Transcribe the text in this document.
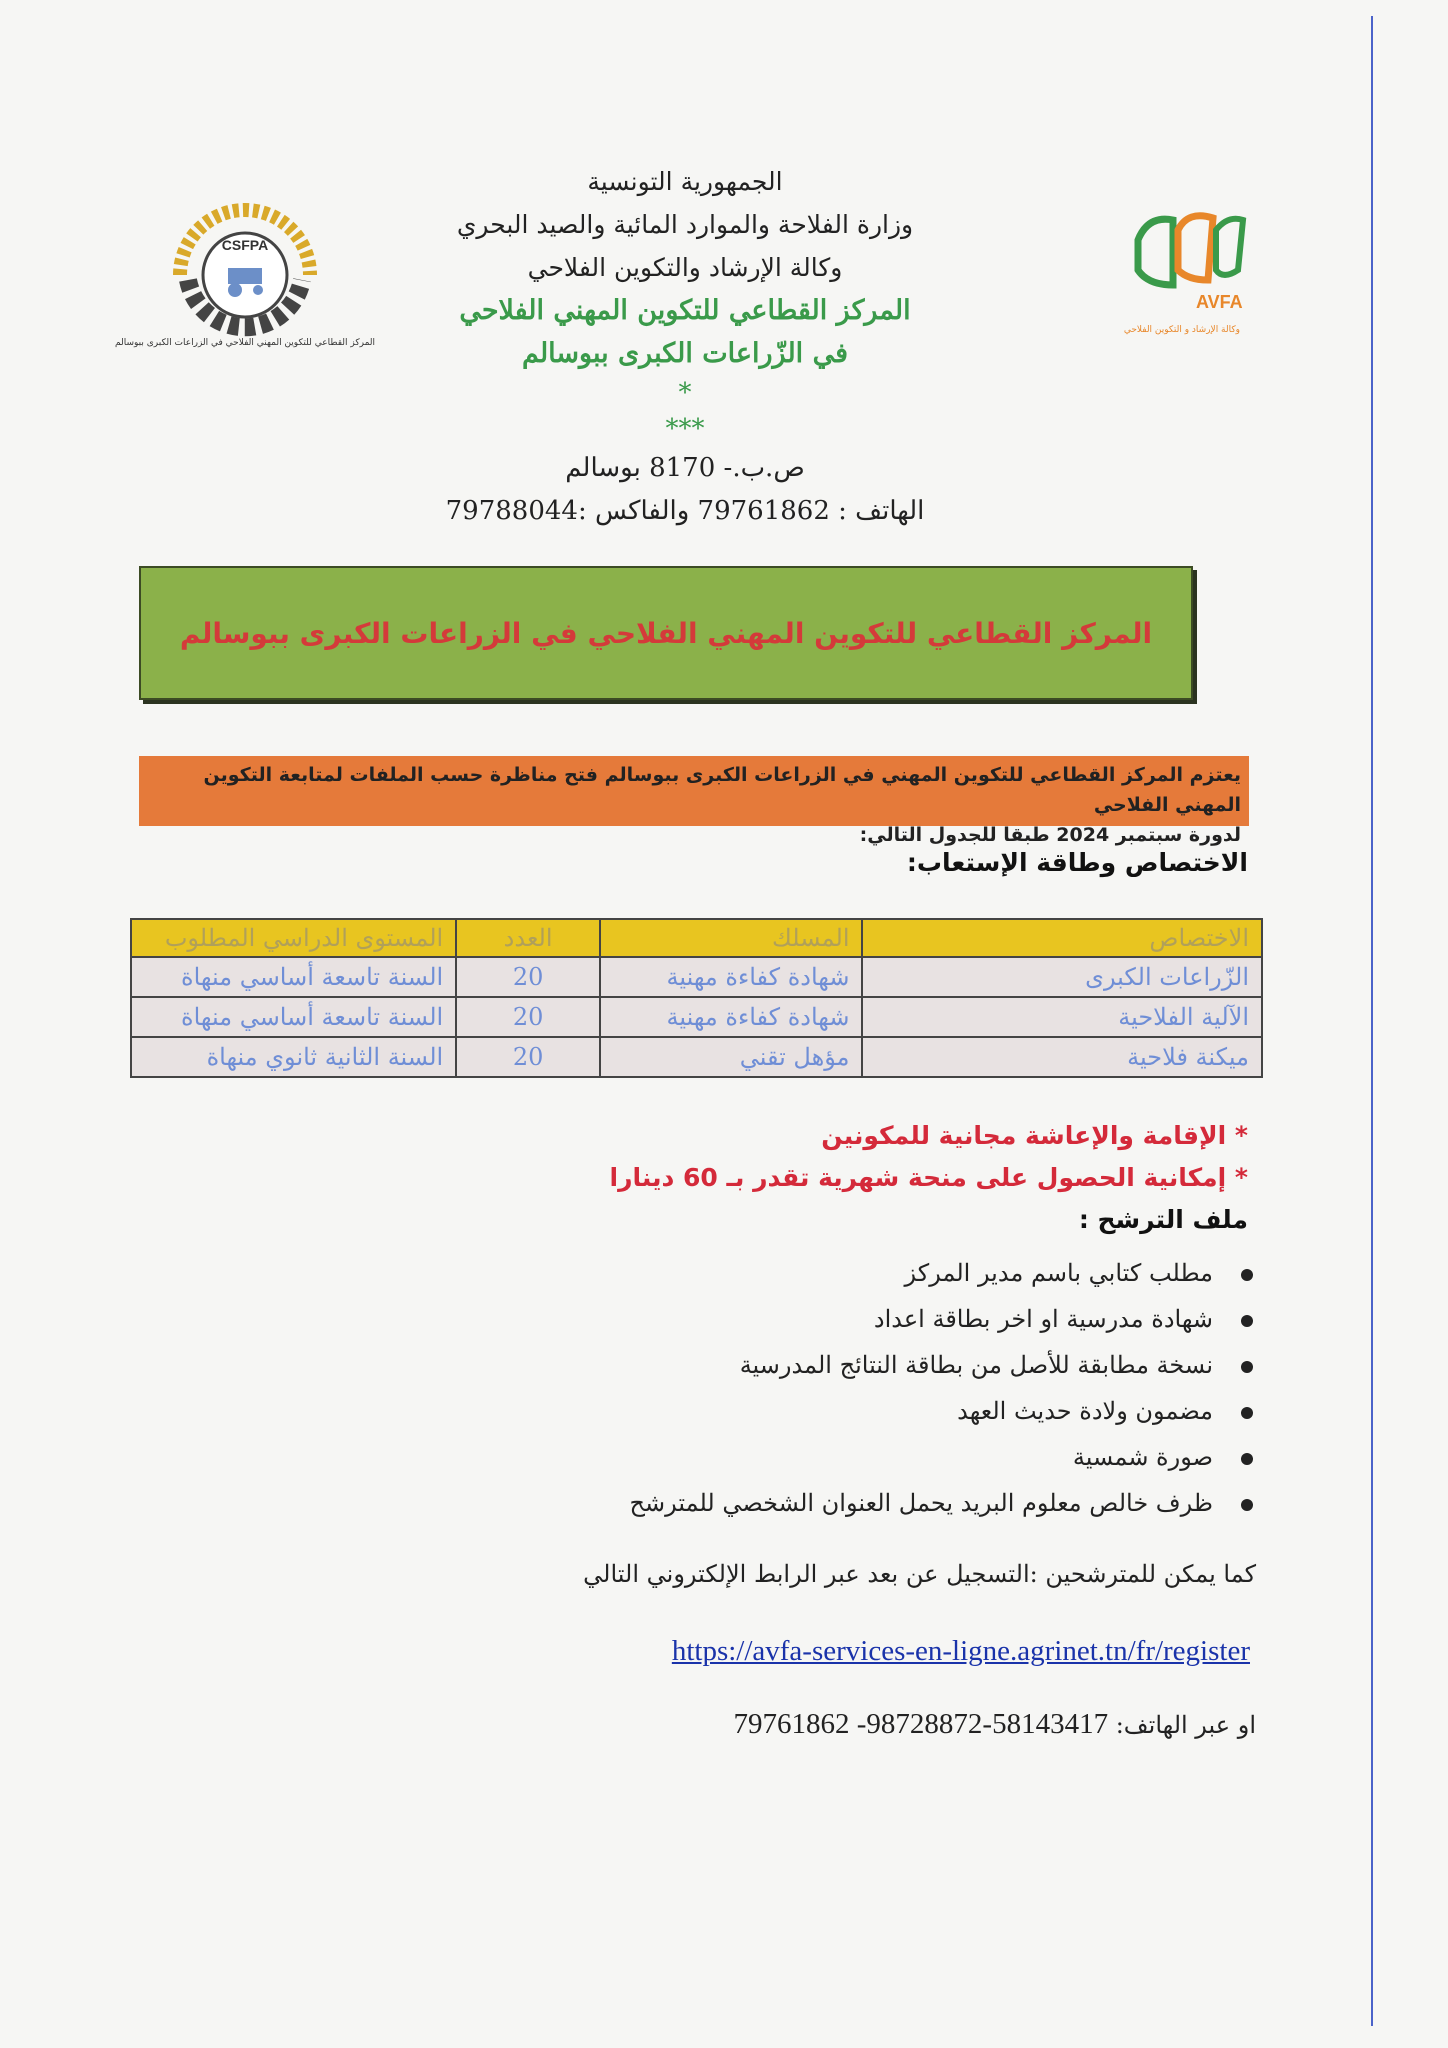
AVFA
وكالة الإرشاد و التكوين الفلاحي
CSFPA
المركز القطاعي للتكوين المهني الفلاحي في الزراعات الكبرى ببوسالم
الجمهورية التونسية
وزارة الفلاحة والموارد المائية والصيد البحري
وكالة الإرشاد والتكوين الفلاحي
المركز القطاعي للتكوين المهني الفلاحي
في الزّراعات الكبرى ببوسالم
*
***
ص.ب.- 8170 بوسالم
الهاتف : 79761862 والفاكس :79788044
المركز القطاعي للتكوين المهني الفلاحي في الزراعات الكبرى ببوسالم
يعتزم المركز القطاعي للتكوين المهني في الزراعات الكبرى ببوسالم فتح مناظرة حسب الملفات لمتابعة التكوين المهني الفلاحي
لدورة سبتمبر 2024 طبقا للجدول التالي:
الاختصاص وطاقة الإستعاب:
الاختصاص	المسلك	العدد	المستوى الدراسي المطلوب
الزّراعات الكبرى	شهادة كفاءة مهنية	20	السنة تاسعة أساسي منهاة
الآلية الفلاحية	شهادة كفاءة مهنية	20	السنة تاسعة أساسي منهاة
ميكنة فلاحية	مؤهل تقني	20	السنة الثانية ثانوي منهاة
* الإقامة والإعاشة مجانية للمكونين
* إمكانية الحصول على منحة شهرية تقدر بـ 60 دينارا
ملف الترشح :
مطلب كتابي باسم مدير المركز
شهادة مدرسية او اخر بطاقة اعداد
نسخة مطابقة للأصل من بطاقة النتائج المدرسية
مضمون ولادة حديث العهد
صورة شمسية
ظرف خالص معلوم البريد يحمل العنوان الشخصي للمترشح
كما يمكن للمترشحين :التسجيل عن بعد عبر الرابط الإلكتروني التالي
https://avfa-services-en-ligne.agrinet.tn/fr/register
او عبر الهاتف: 58143417-98728872- 79761862
